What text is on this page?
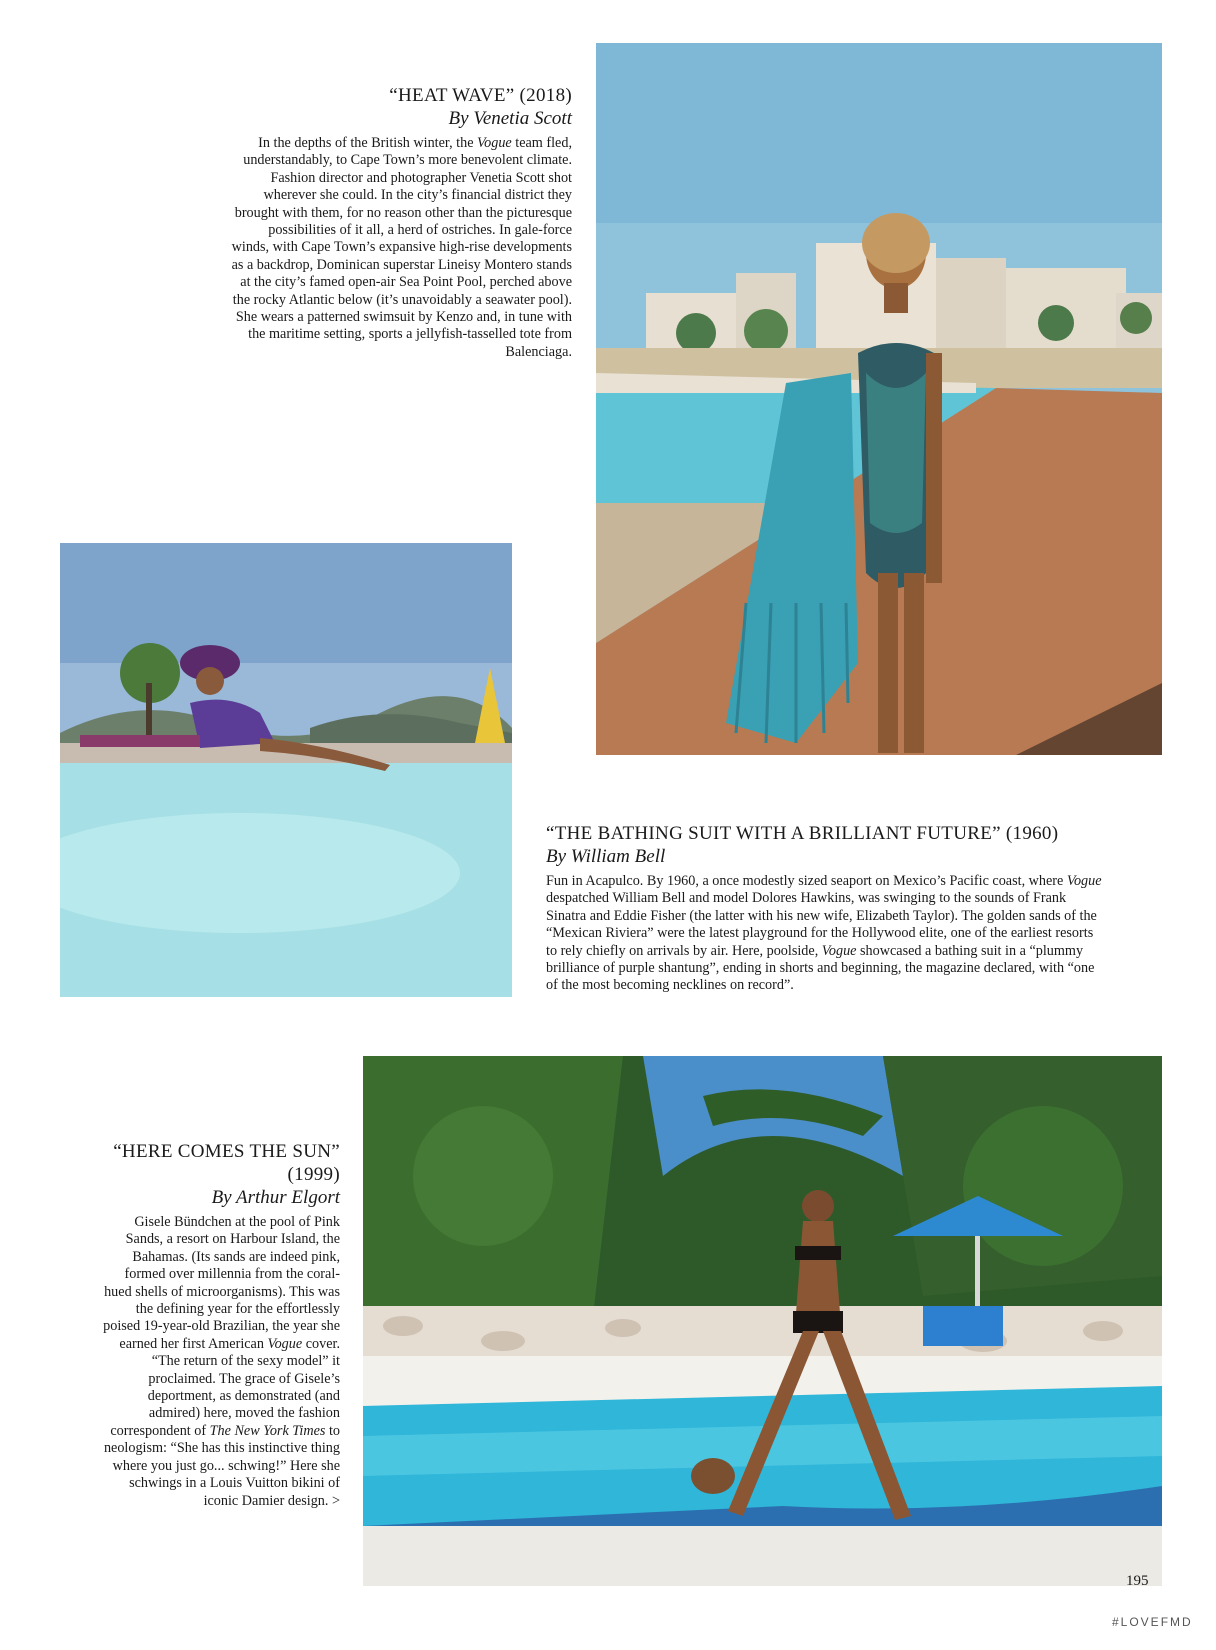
“HEAT WAVE” (2018)

By Venetia Scott

In the depths of the British winter, the Vogue team fled, understandably, to Cape Town’s more benevolent climate. Fashion director and photographer Venetia Scott shot wherever she could. In the city’s financial district they brought with them, for no reason other than the picturesque possibilities of it all, a herd of ostriches. In gale-force winds, with Cape Town’s expansive high-rise developments as a backdrop, Dominican superstar Lineisy Montero stands at the city’s famed open-air Sea Point Pool, perched above the rocky Atlantic below (it’s unavoidably a seawater pool). She wears a patterned swimsuit by Kenzo and, in tune with the maritime setting, sports a jellyfish-tasselled tote from Balenciaga.

“THE BATHING SUIT WITH A BRILLIANT FUTURE” (1960)

By William Bell

Fun in Acapulco. By 1960, a once modestly sized seaport on Mexico’s Pacific coast, where Vogue despatched William Bell and model Dolores Hawkins, was swinging to the sounds of Frank Sinatra and Eddie Fisher (the latter with his new wife, Elizabeth Taylor). The golden sands of the “Mexican Riviera” were the latest playground for the Hollywood elite, one of the earliest resorts to rely chiefly on arrivals by air. Here, poolside, Vogue showcased a bathing suit in a “plummy brilliance of purple shantung”, ending in shorts and beginning, the magazine declared, with “one of the most becoming necklines on record”.

“HERE COMES THE SUN” (1999)

By Arthur Elgort

Gisele Bündchen at the pool of Pink Sands, a resort on Harbour Island, the Bahamas. (Its sands are indeed pink, formed over millennia from the coral-hued shells of microorganisms). This was the defining year for the effortlessly poised 19-year-old Brazilian, the year she earned her first American Vogue cover. “The return of the sexy model” it proclaimed. The grace of Gisele’s deportment, as demonstrated (and admired) here, moved the fashion correspondent of The New York Times to neologism: “She has this instinctive thing where you just go... schwing!” Here she schwings in a Louis Vuitton bikini of iconic Damier design. >

195
#LOVEFMD
